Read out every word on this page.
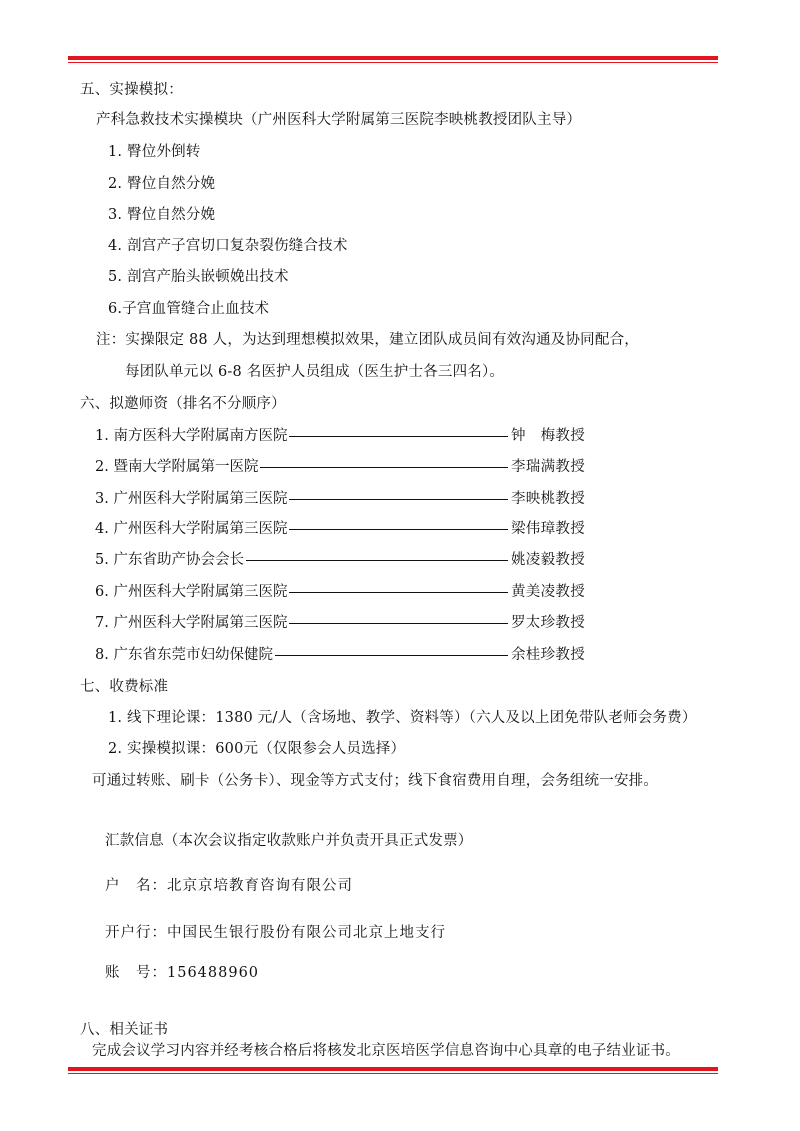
五、实操模拟：
产科急救技术实操模块（广州医科大学附属第三医院李映桃教授团队主导）
1. 臀位外倒转
2. 臀位自然分娩
3. 臀位自然分娩
4. 剖宫产子宫切口复杂裂伤缝合技术
5. 剖宫产胎头嵌顿娩出技术
6.子宫血管缝合止血技术
注：实操限定 88 人，为达到理想模拟效果，建立团队成员间有效沟通及协同配合，
每团队单元以 6-8 名医护人员组成（医生护士各三四名）。
六、拟邀师资（排名不分顺序）
1. 南方医科大学附属南方医院	钟　梅教授
2. 暨南大学附属第一医院	李瑞满教授
3. 广州医科大学附属第三医院	李映桃教授
4. 广州医科大学附属第三医院	梁伟璋教授
5. 广东省助产协会会长	姚凌毅教授
6. 广州医科大学附属第三医院	黄美凌教授
7. 广州医科大学附属第三医院	罗太珍教授
8. 广东省东莞市妇幼保健院	余桂珍教授
七、收费标准
1. 线下理论课：1380 元/人（含场地、教学、资料等）（六人及以上团免带队老师会务费）
2. 实操模拟课：600元（仅限参会人员选择）
可通过转账、刷卡（公务卡）、现金等方式支付；线下食宿费用自理，会务组统一安排。
汇款信息（本次会议指定收款账户并负责开具正式发票）
户　名：北京京培教育咨询有限公司
开户行：中国民生银行股份有限公司北京上地支行
账　号：156488960
八、相关证书
完成会议学习内容并经考核合格后将核发北京医培医学信息咨询中心具章的电子结业证书。
